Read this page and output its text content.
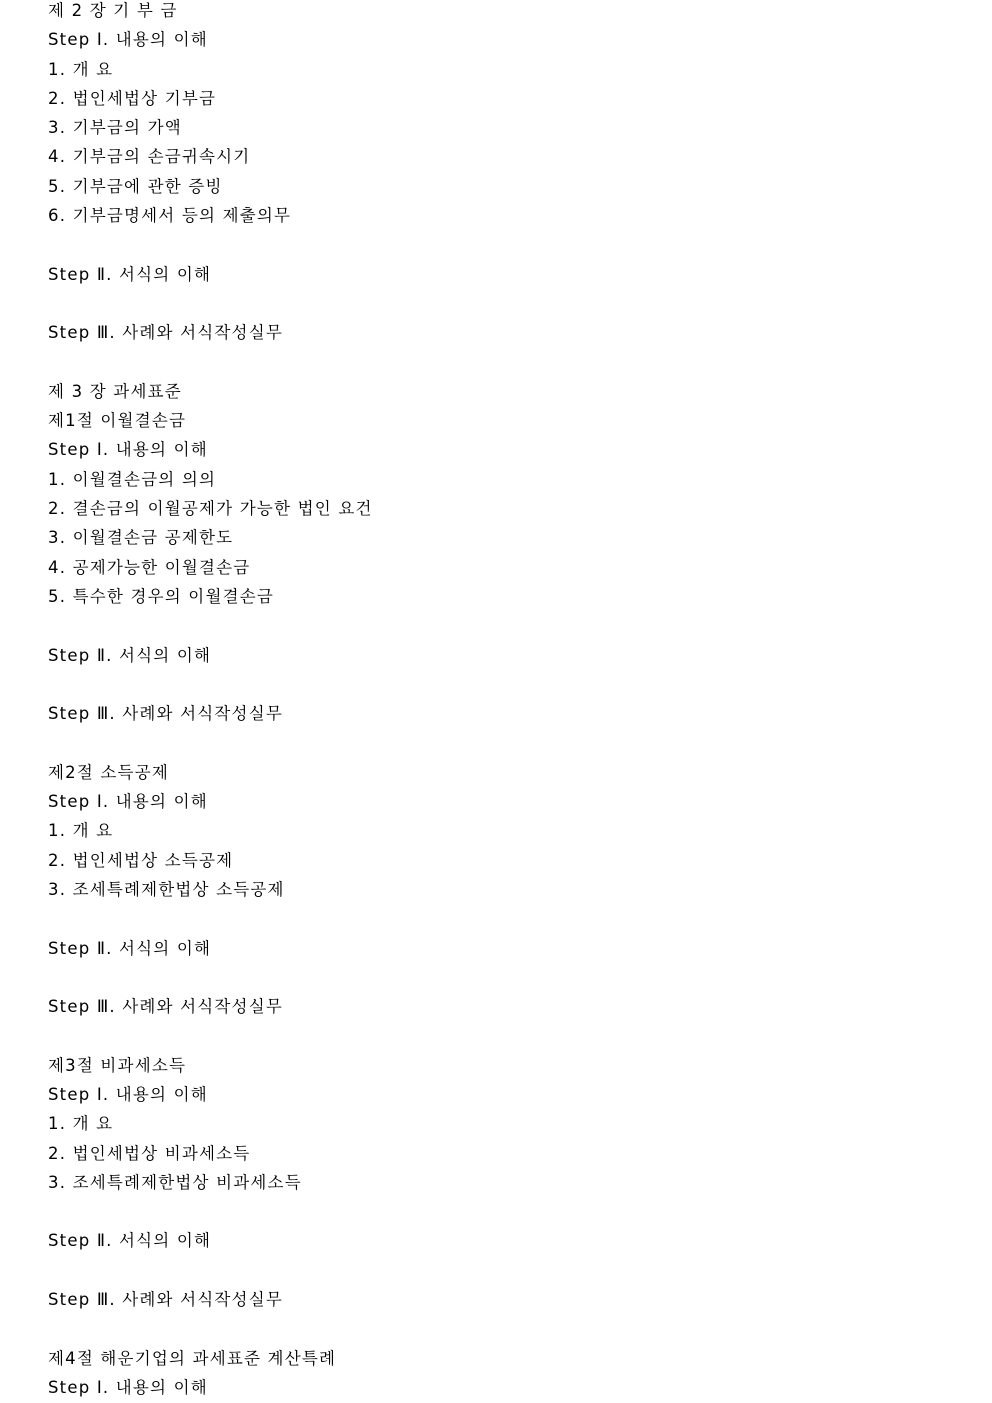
제 2 장 기 부 금
Step Ⅰ. 내용의 이해
1. 개 요
2. 법인세법상 기부금
3. 기부금의 가액
4. 기부금의 손금귀속시기
5. 기부금에 관한 증빙
6. 기부금명세서 등의 제출의무
Step Ⅱ. 서식의 이해
Step Ⅲ. 사례와 서식작성실무
제 3 장 과세표준
제1절 이월결손금
Step Ⅰ. 내용의 이해
1. 이월결손금의 의의
2. 결손금의 이월공제가 가능한 법인 요건
3. 이월결손금 공제한도
4. 공제가능한 이월결손금
5. 특수한 경우의 이월결손금
Step Ⅱ. 서식의 이해
Step Ⅲ. 사례와 서식작성실무
제2절 소득공제
Step Ⅰ. 내용의 이해
1. 개 요
2. 법인세법상 소득공제
3. 조세특례제한법상 소득공제
Step Ⅱ. 서식의 이해
Step Ⅲ. 사례와 서식작성실무
제3절 비과세소득
Step Ⅰ. 내용의 이해
1. 개 요
2. 법인세법상 비과세소득
3. 조세특례제한법상 비과세소득
Step Ⅱ. 서식의 이해
Step Ⅲ. 사례와 서식작성실무
제4절 해운기업의 과세표준 계산특례
Step Ⅰ. 내용의 이해
